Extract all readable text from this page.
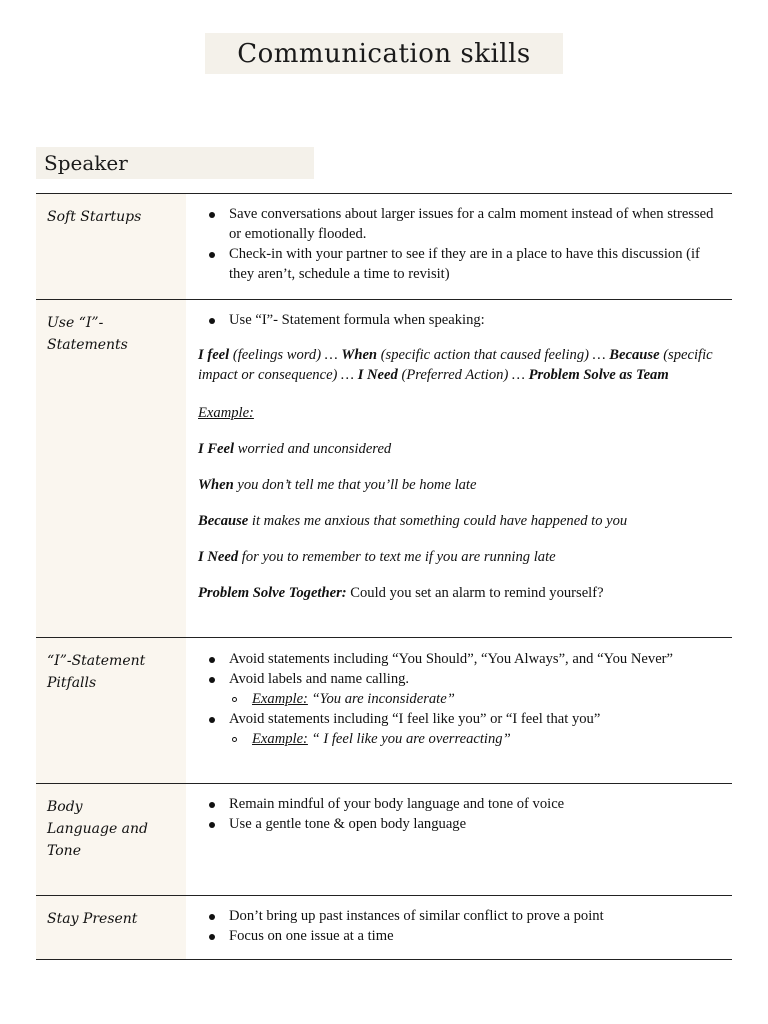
Communication skills
Speaker
Soft Startups	Save conversations about larger issues for a calm moment instead of when stressed or emotionally flooded.
Check-in with your partner to see if they are in a place to have this discussion (if they aren’t, schedule a time to revisit)
Use “I”-Statements
Use “I”- Statement formula when speaking:

I feel (feelings word) … When (specific action that caused feeling) … Because (specific impact or consequence) … I Need (Preferred Action) … Problem Solve as Team

Example:

I Feel worried and unconsidered

When you don’t tell me that you’ll be home late

Because it makes me anxious that something could have happened to you

I Need for you to remember to text me if you are running late

Problem Solve Together: Could you set an alarm to remind yourself?

“I”-Statement Pitfalls
Avoid statements including “You Should”, “You Always”, and “You Never”
Avoid labels and name calling.
Example: “You are inconsiderate”
Avoid statements including “I feel like you” or “I feel that you”
Example: “ I feel like you are overreacting”
Body Language and Tone
Remain mindful of your body language and tone of voice
Use a gentle tone & open body language
Stay Present	Don’t bring up past instances of similar conflict to prove a point
Focus on one issue at a time
